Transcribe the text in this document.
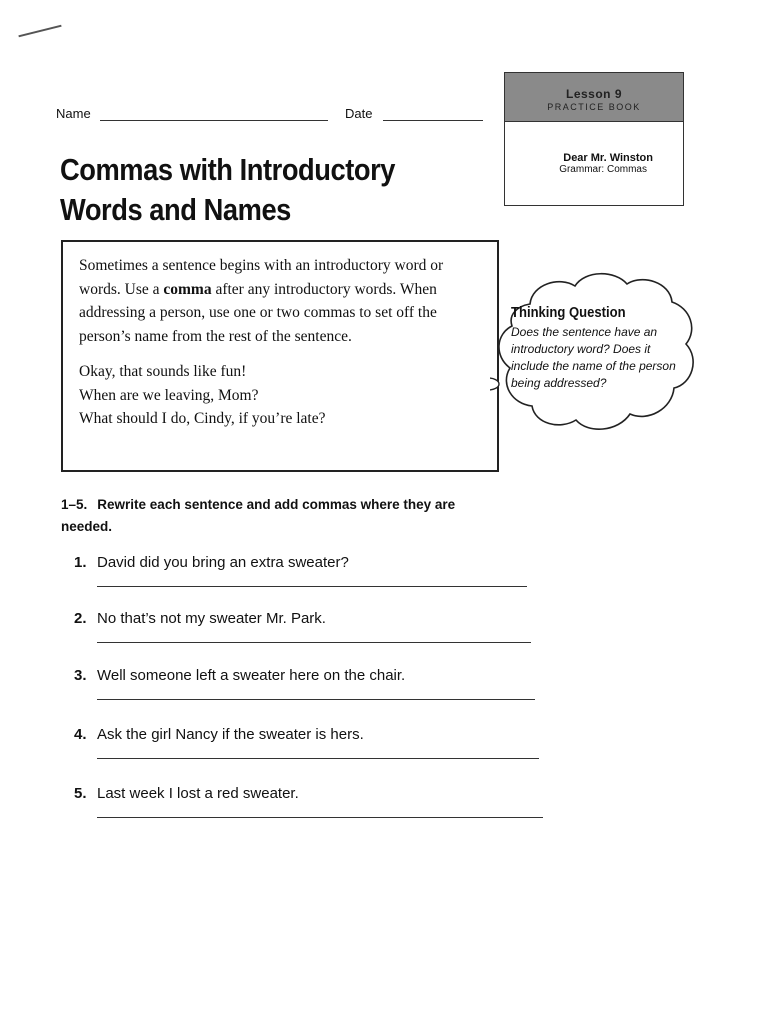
Name	Date
Lesson 9
PRACTICE BOOK
Dear Mr. Winston
Grammar: Commas
Commas with Introductory
Words and Names

Sometimes a sentence begins with an introductory word or words. Use a comma after any introductory words. When addressing a person, use one or two commas to set off the person’s name from the rest of the sentence.

Okay, that sounds like fun!
When are we leaving, Mom?
What should I do, Cindy, if you’re late?
Thinking Question
Does the sentence have an introductory word? Does it include the name of the person being addressed?
1–5. Rewrite each sentence and add commas where they are needed.
1. David did you bring an extra sweater?
2. No that’s not my sweater Mr. Park.
3. Well someone left a sweater here on the chair.
4. Ask the girl Nancy if the sweater is hers.
5. Last week I lost a red sweater.
